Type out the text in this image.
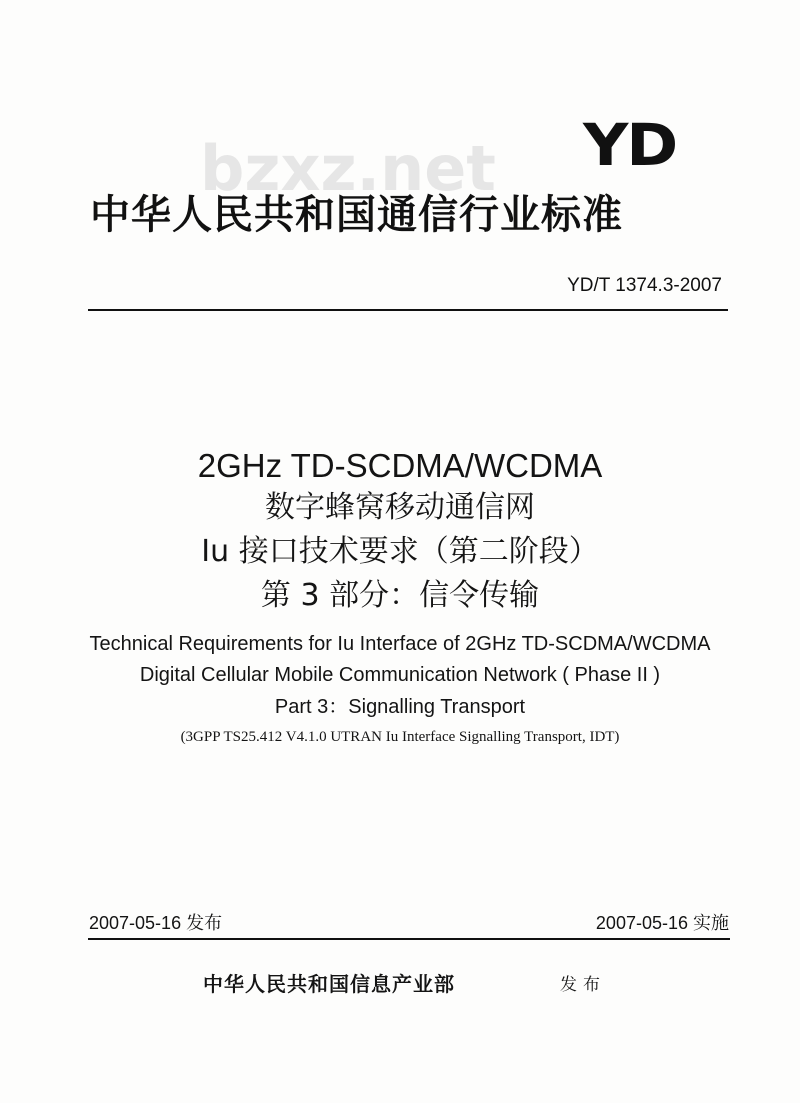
bzxz.net YD
中华人民共和国通信行业标准
YD/T 1374.3-2007
2GHz TD-SCDMA/WCDMA
数字蜂窝移动通信网
Iu 接口技术要求（第二阶段）
第 3 部分：信令传输
Technical Requirements for Iu Interface of 2GHz TD-SCDMA/WCDMA
Digital Cellular Mobile Communication Network ( Phase II )
Part 3：Signalling Transport
(3GPP TS25.412 V4.1.0 UTRAN Iu Interface Signalling Transport, IDT)
2007-05-16 发布	2007-05-16 实施
中华人民共和国信息产业部	发布
